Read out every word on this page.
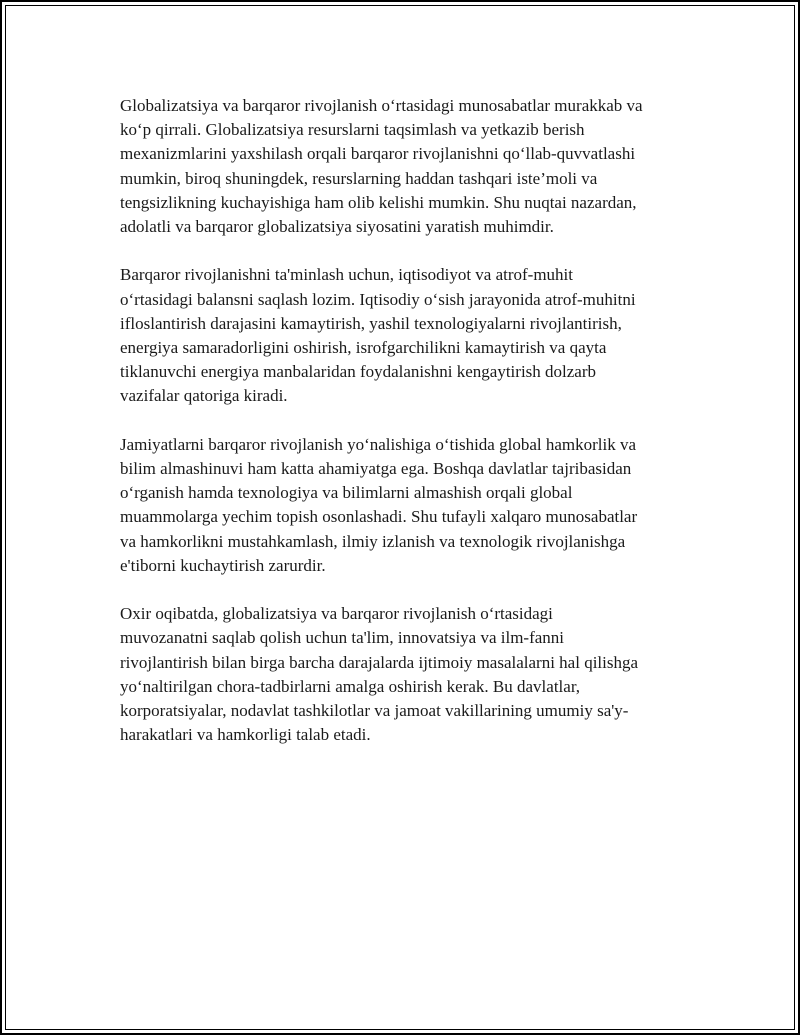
Globalizatsiya va barqaror rivojlanish o‘rtasidagi munosabatlar murakkab va
ko‘p qirrali. Globalizatsiya resurslarni taqsimlash va yetkazib berish
mexanizmlarini yaxshilash orqali barqaror rivojlanishni qo‘llab-quvvatlashi
mumkin, biroq shuningdek, resurslarning haddan tashqari iste’moli va
tengsizlikning kuchayishiga ham olib kelishi mumkin. Shu nuqtai nazardan,
adolatli va barqaror globalizatsiya siyosatini yaratish muhimdir.

Barqaror rivojlanishni ta'minlash uchun, iqtisodiyot va atrof-muhit
o‘rtasidagi balansni saqlash lozim. Iqtisodiy o‘sish jarayonida atrof-muhitni
ifloslantirish darajasini kamaytirish, yashil texnologiyalarni rivojlantirish,
energiya samaradorligini oshirish, isrofgarchilikni kamaytirish va qayta
tiklanuvchi energiya manbalaridan foydalanishni kengaytirish dolzarb
vazifalar qatoriga kiradi.

Jamiyatlarni barqaror rivojlanish yo‘nalishiga o‘tishida global hamkorlik va
bilim almashinuvi ham katta ahamiyatga ega. Boshqa davlatlar tajribasidan
o‘rganish hamda texnologiya va bilimlarni almashish orqali global
muammolarga yechim topish osonlashadi. Shu tufayli xalqaro munosabatlar
va hamkorlikni mustahkamlash, ilmiy izlanish va texnologik rivojlanishga
e'tiborni kuchaytirish zarurdir.

Oxir oqibatda, globalizatsiya va barqaror rivojlanish o‘rtasidagi
muvozanatni saqlab qolish uchun ta'lim, innovatsiya va ilm-fanni
rivojlantirish bilan birga barcha darajalarda ijtimoiy masalalarni hal qilishga
yo‘naltirilgan chora-tadbirlarni amalga oshirish kerak. Bu davlatlar,
korporatsiyalar, nodavlat tashkilotlar va jamoat vakillarining umumiy sa'y-
harakatlari va hamkorligi talab etadi.
